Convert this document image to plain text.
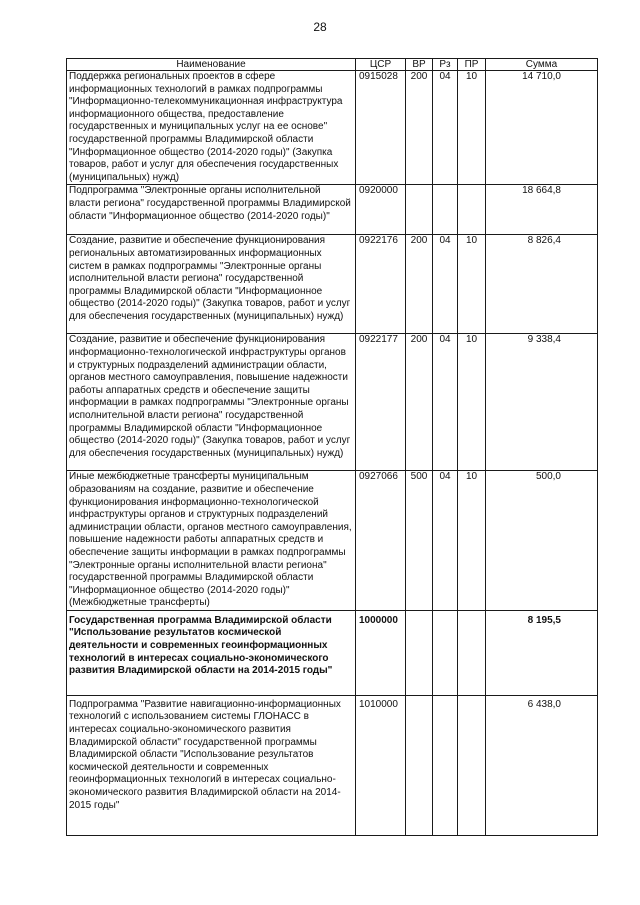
28
Наименование	ЦСР	ВР	Рз	ПР	Сумма
Поддержка региональных проектов в сфере информационных технологий в рамках подпрограммы "Информационно-телекоммуникационная инфраструктура информационного общества, предоставление государственных и муниципальных услуг на ее основе" государственной программы Владимирской области "Информационное общество (2014-2020 годы)" (Закупка товаров, работ и услуг для обеспечения государственных (муниципальных) нужд)	0915028	200	04	10	14 710,0
Подпрограмма "Электронные органы исполнительной власти региона" государственной программы Владимирской области "Информационное общество (2014-2020 годы)"	0920000				18 664,8
Создание, развитие и обеспечение функционирования региональных автоматизированных информационных систем в рамках подпрограммы "Электронные органы исполнительной власти региона" государственной программы Владимирской области "Информационное общество (2014-2020 годы)" (Закупка товаров, работ и услуг для обеспечения государственных (муниципальных) нужд)	0922176	200	04	10	8 826,4
Создание, развитие и обеспечение функционирования информационно-технологической инфраструктуры органов и структурных подразделений администрации области, органов местного самоуправления, повышение надежности работы аппаратных средств и обеспечение защиты информации в рамках подпрограммы "Электронные органы исполнительной власти региона" государственной программы Владимирской области "Информационное общество (2014-2020 годы)" (Закупка товаров, работ и услуг для обеспечения государственных (муниципальных) нужд)	0922177	200	04	10	9 338,4
Иные межбюджетные трансферты муниципальным образованиям на создание, развитие и обеспечение функционирования информационно-технологической инфраструктуры органов и структурных подразделений администрации области, органов местного самоуправления, повышение надежности работы аппаратных средств и обеспечение защиты информации в рамках подпрограммы "Электронные органы исполнительной власти региона" государственной программы Владимирской области "Информационное общество (2014-2020 годы)" (Межбюджетные трансферты)	0927066	500	04	10	500,0
Государственная программа Владимирской области "Использование результатов космической деятельности и современных геоинформационных технологий в интересах социально-экономического развития Владимирской области на 2014-2015 годы"	1000000				8 195,5
Подпрограмма "Развитие навигационно-информационных технологий с использованием системы ГЛОНАСС в интересах социально-экономического развития Владимирской области" государственной программы Владимирской области "Использование результатов космической деятельности и современных геоинформационных технологий в интересах социально-экономического развития Владимирской области на 2014-2015 годы"	1010000				6 438,0
